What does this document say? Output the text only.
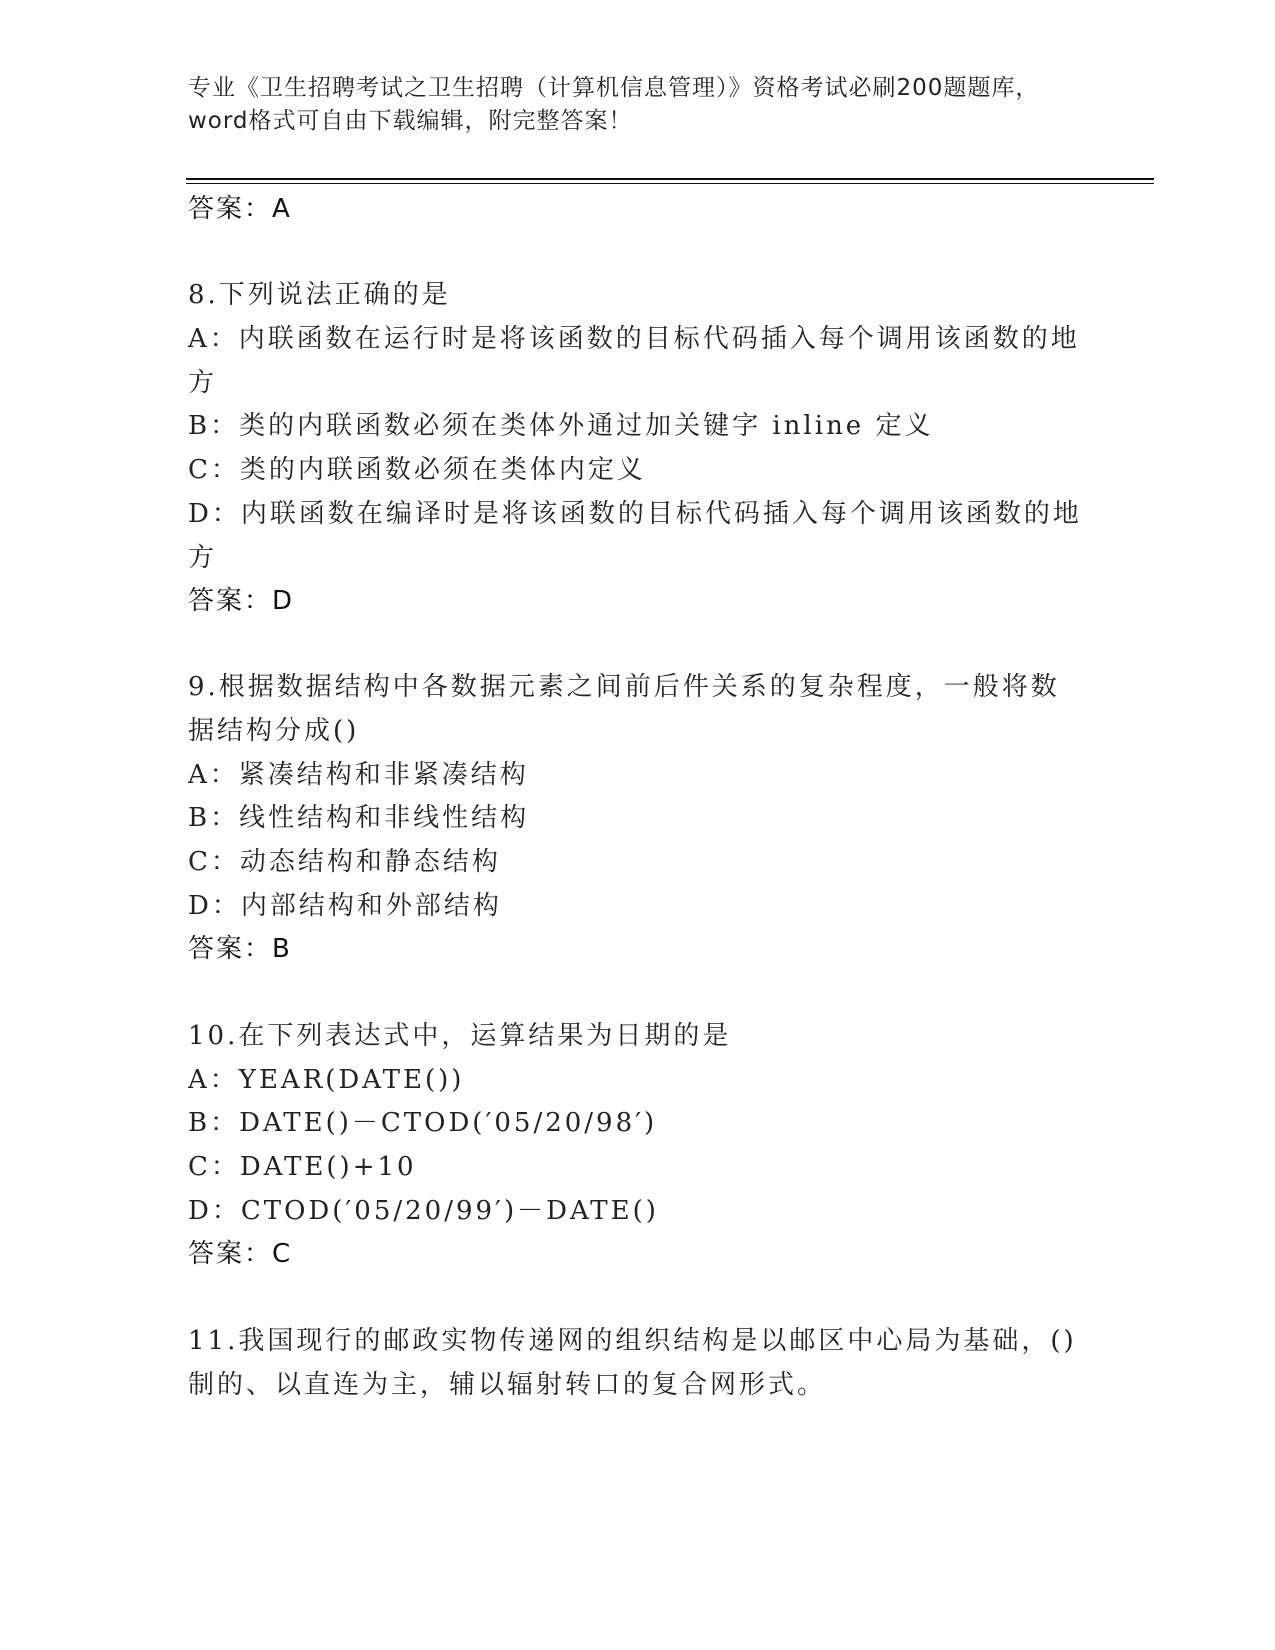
专业《卫生招聘考试之卫生招聘（计算机信息管理）》资格考试必刷200题题库，
word格式可自由下载编辑，附完整答案！
答案：A
8.下列说法正确的是
A：内联函数在运行时是将该函数的目标代码插入每个调用该函数的地
方
B：类的内联函数必须在类体外通过加关键字 inline 定义
C：类的内联函数必须在类体内定义
D：内联函数在编译时是将该函数的目标代码插入每个调用该函数的地
方
答案：D
9.根据数据结构中各数据元素之间前后件关系的复杂程度，一般将数
据结构分成()
A：紧凑结构和非紧凑结构
B：线性结构和非线性结构
C：动态结构和静态结构
D：内部结构和外部结构
答案：B
10.在下列表达式中，运算结果为日期的是
A：YEAR(DATE())
B：DATE()－CTOD(′05/20/98′)
C：DATE()+10
D：CTOD(′05/20/99′)－DATE()
答案：C
11.我国现行的邮政实物传递网的组织结构是以邮区中心局为基础，()
制的、以直连为主，辅以辐射转口的复合网形式。
